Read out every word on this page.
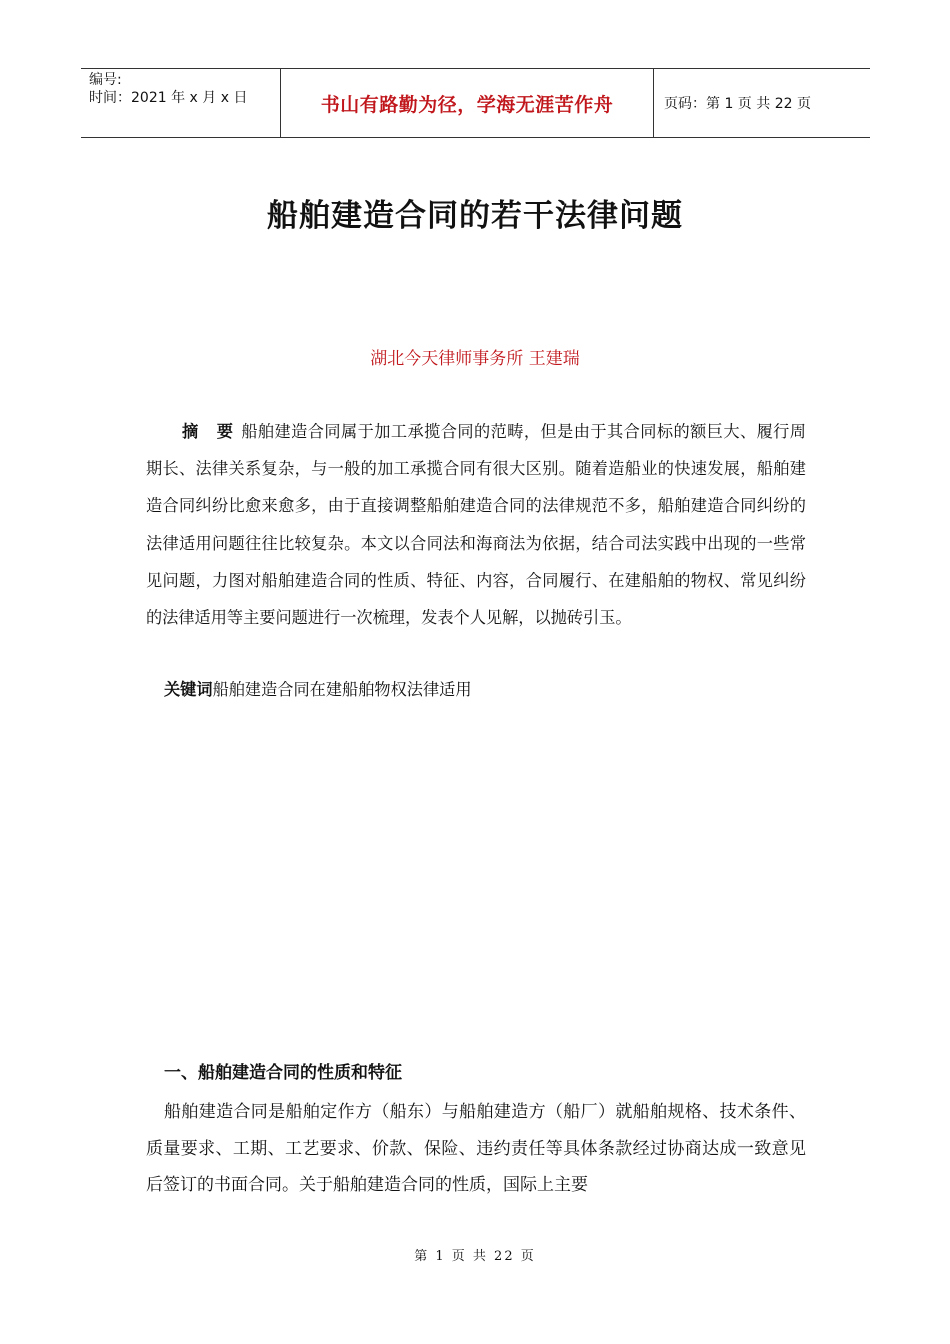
编号:
时间：2021 年 x 月 x 日	书山有路勤为径，学海无涯苦作舟	页码：第 1 页 共 22 页
船舶建造合同的若干法律问题
湖北今天律师事务所 王建瑞

摘 要 船舶建造合同属于加工承揽合同的范畴，但是由于其合同标的额巨大、履行周期长、法律关系复杂，与一般的加工承揽合同有很大区别。随着造船业的快速发展，船舶建造合同纠纷比愈来愈多，由于直接调整船舶建造合同的法律规范不多，船舶建造合同纠纷的法律适用问题往往比较复杂。本文以合同法和海商法为依据，结合司法实践中出现的一些常见问题，力图对船舶建造合同的性质、特征、内容，合同履行、在建船舶的物权、常见纠纷的法律适用等主要问题进行一次梳理，发表个人见解，以抛砖引玉。

关键词船舶建造合同在建船舶物权法律适用
一、船舶建造合同的性质和特征

船舶建造合同是船舶定作方（船东）与船舶建造方（船厂）就船舶规格、技术条件、质量要求、工期、工艺要求、价款、保险、违约责任等具体条款经过协商达成一致意见后签订的书面合同。关于船舶建造合同的性质，国际上主要

第 1 页 共 22 页
